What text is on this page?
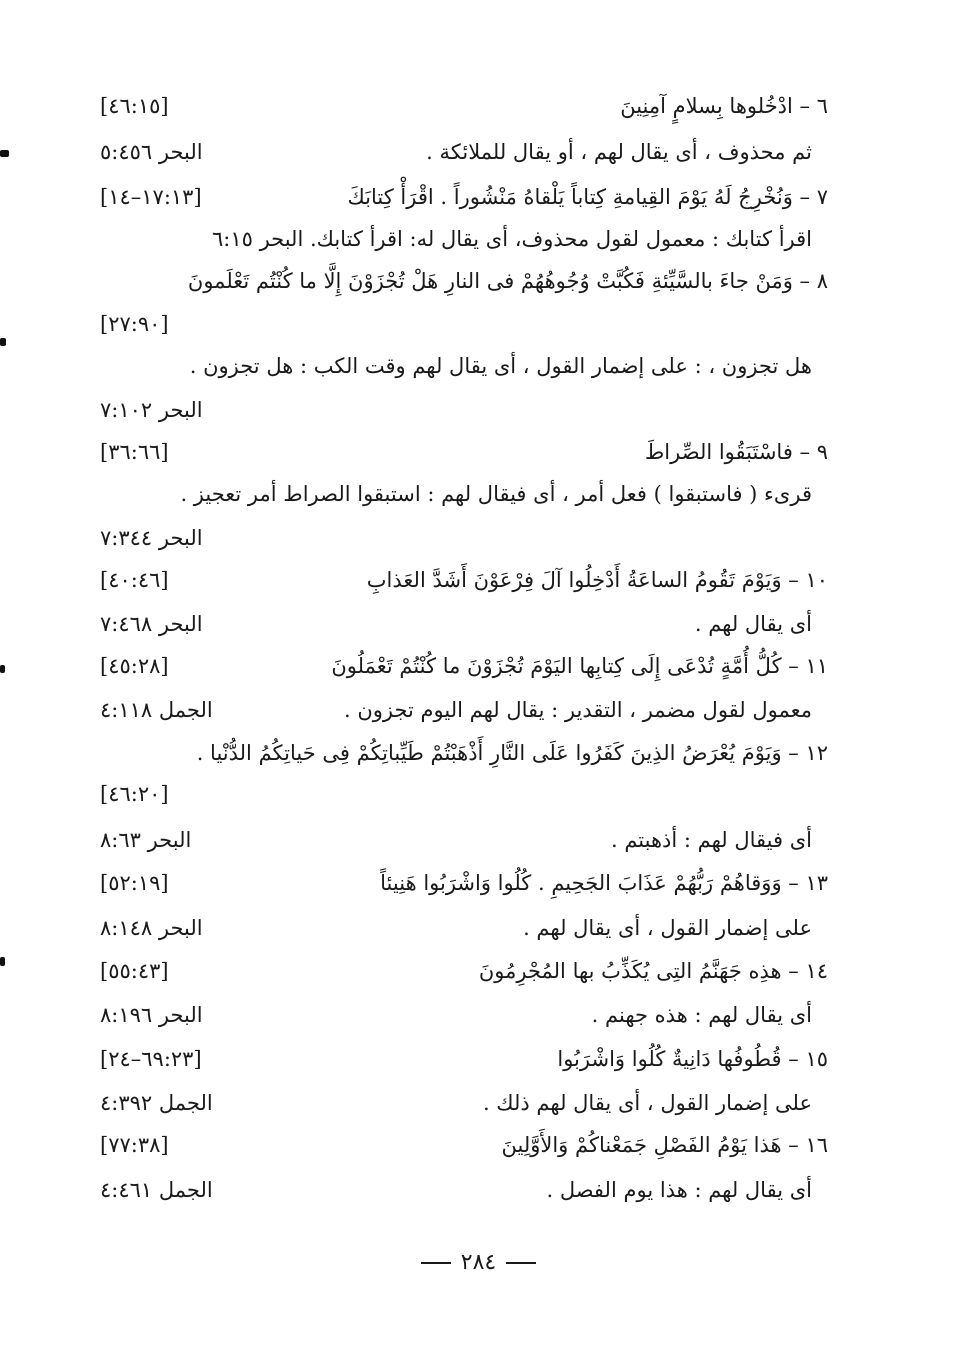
٦ – ادْخُلوها بِسلامٍ آمِنِينَ
[٤٦:١٥]
ثم محذوف ، أى يقال لهم ، أو يقال للملائكة .
البحر ٥:٤٥٦
٧ – وَنُخْرِجُ لَهُ يَوْمَ القِيامةِ كِتاباً يَلْقاهُ مَنْشُوراً . اقْرَأْ كِتابَكَ
[١٧:١٣–١٤]
اقرأ كتابك : معمول لقول محذوف، أى يقال له: اقرأ كتابك. البحر ٦:١٥
٨ – وَمَنْ جاءَ بالسَّيِّئةِ فَكُبَّتْ وُجُوهُهُمْ فى النارِ هَلْ تُجْزَوْنَ إِلَّا ما كُنْتُم تَعْلَمونَ
[٢٧:٩٠]
هل تجزون ، : على إضمار القول ، أى يقال لهم وقت الكب : هل تجزون .
البحر ٧:١٠٢
٩ – فاسْتَبَقُوا الصِّراطَ
[٣٦:٦٦]
قرىء ( فاستبقوا ) فعل أمر ، أى فيقال لهم : استبقوا الصراط أمر تعجيز .
البحر ٧:٣٤٤
١٠ – وَيَوْمَ تَقُومُ الساعَةُ أَدْخِلُوا آلَ فِرْعَوْنَ أَشَدَّ العَذابِ
[٤٠:٤٦]
أى يقال لهم .
البحر ٧:٤٦٨
١١ – كُلُّ أُمَّةٍ تُدْعَى إِلَى كِتابِها اليَوْمَ تُجْزَوْنَ ما كُنْتُمْ تَعْمَلُونَ
[٤٥:٢٨]
معمول لقول مضمر ، التقدير : يقال لهم اليوم تجزون .
الجمل ٤:١١٨
١٢ – وَيَوْمَ يُعْرَضُ الذِينَ كَفَرُوا عَلَى النَّارِ أَذْهَبْتُمْ طَيِّباتِكُمْ فِى حَياتِكُمُ الدُّنْيا .
[٤٦:٢٠]
أى فيقال لهم : أذهبتم .
البحر ٨:٦٣
١٣ – وَوَقاهُمْ رَبُّهُمْ عَذَابَ الجَحِيمِ . كُلُوا وَاشْرَبُوا هَنِيئاً
[٥٢:١٩]
على إضمار القول ، أى يقال لهم .
البحر ٨:١٤٨
١٤ – هذِه جَهَنَّمُ التِى يُكَذِّبُ بها المُجْرِمُونَ
[٥٥:٤٣]
أى يقال لهم : هذه جهنم .
البحر ٨:١٩٦
١٥ – قُطُوفُها دَانِيةٌ كُلُوا وَاشْرَبُوا
[٦٩:٢٣–٢٤]
على إضمار القول ، أى يقال لهم ذلك .
الجمل ٤:٣٩٢
١٦ – هَذا يَوْمُ الفَصْلِ جَمَعْناكُمْ وَالأَوَّلِينَ
[٧٧:٣٨]
أى يقال لهم : هذا يوم الفصل .
الجمل ٤:٤٦١
٢٨٤
